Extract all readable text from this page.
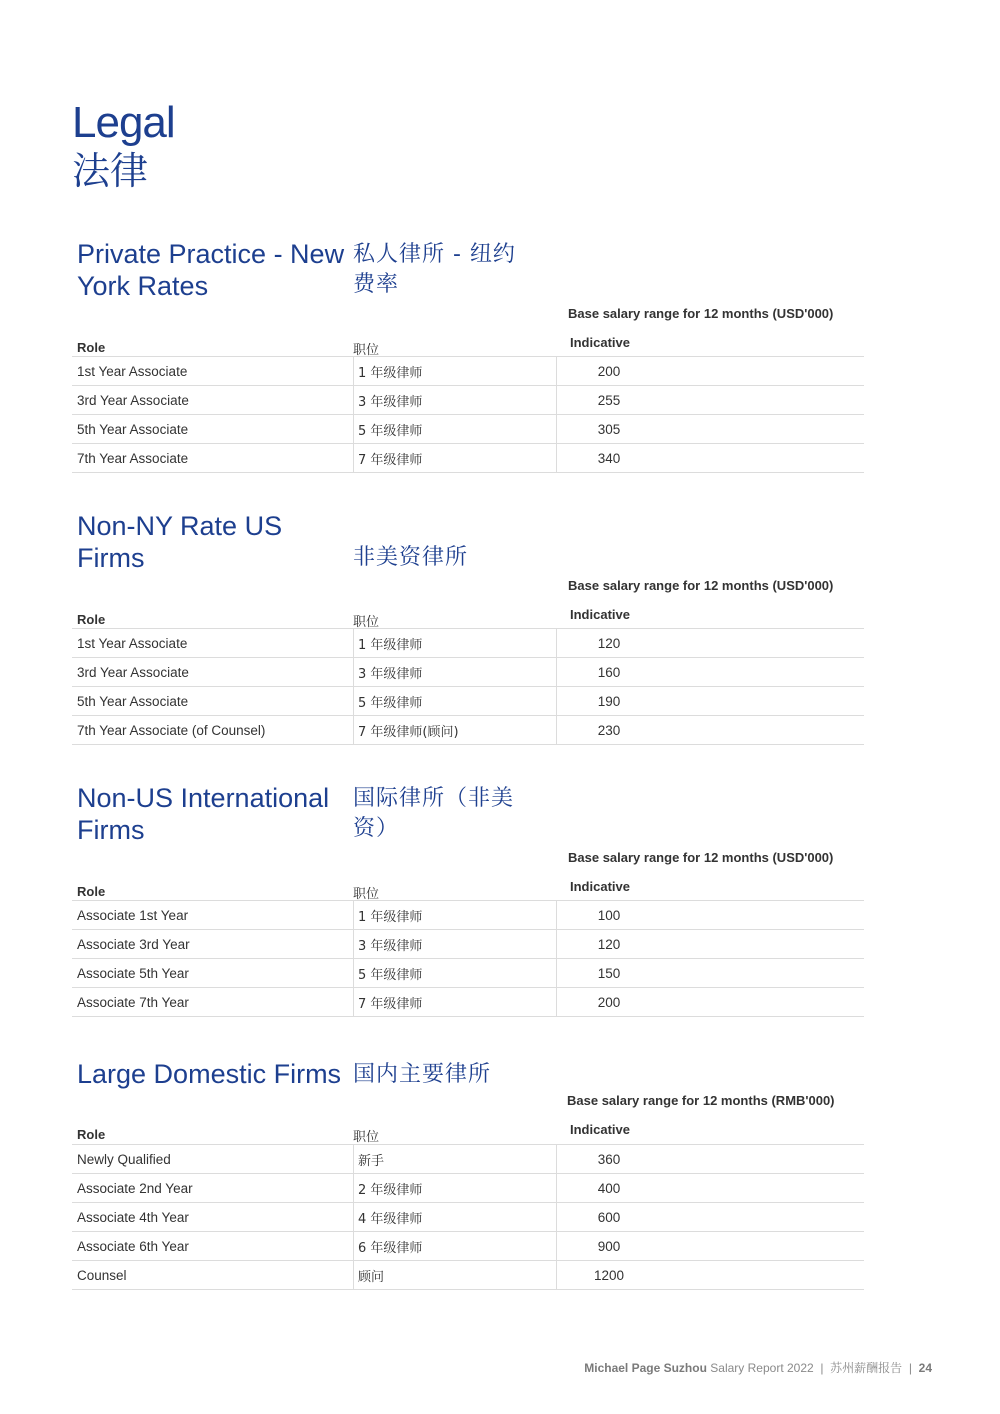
Legal
法律
Private Practice - New York Rates
私人律所 - 纽约费率
Base salary range for 12 months (USD'000)
Role	职位
Indicative
1st Year Associate	1 年级律师	200
3rd Year Associate	3 年级律师	255
5th Year Associate	5 年级律师	305
7th Year Associate	7 年级律师	340
Non-NY Rate US Firms	非美资律所
Base salary range for 12 months (USD'000)
Role	职位
Indicative
1st Year Associate	1 年级律师	120
3rd Year Associate	3 年级律师	160
5th Year Associate	5 年级律师	190
7th Year Associate (of Counsel)	7 年级律师(顾问)	230
Non-US International Firms
国际律所（非美资）
Base salary range for 12 months (USD'000)
Role	职位
Indicative
Associate 1st Year	1 年级律师	100
Associate 3rd Year	3 年级律师	120
Associate 5th Year	5 年级律师	150
Associate 7th Year	7 年级律师	200
Large Domestic Firms 国内主要律所
Base salary range for 12 months (RMB'000)
Role	职位
Indicative
Newly Qualified	新手	360
Associate 2nd Year	2 年级律师	400
Associate 4th Year	4 年级律师	600
Associate 6th Year	6 年级律师	900
Counsel	顾问	1200
Michael Page Suzhou Salary Report 2022 | 苏州薪酬报告 | 24
